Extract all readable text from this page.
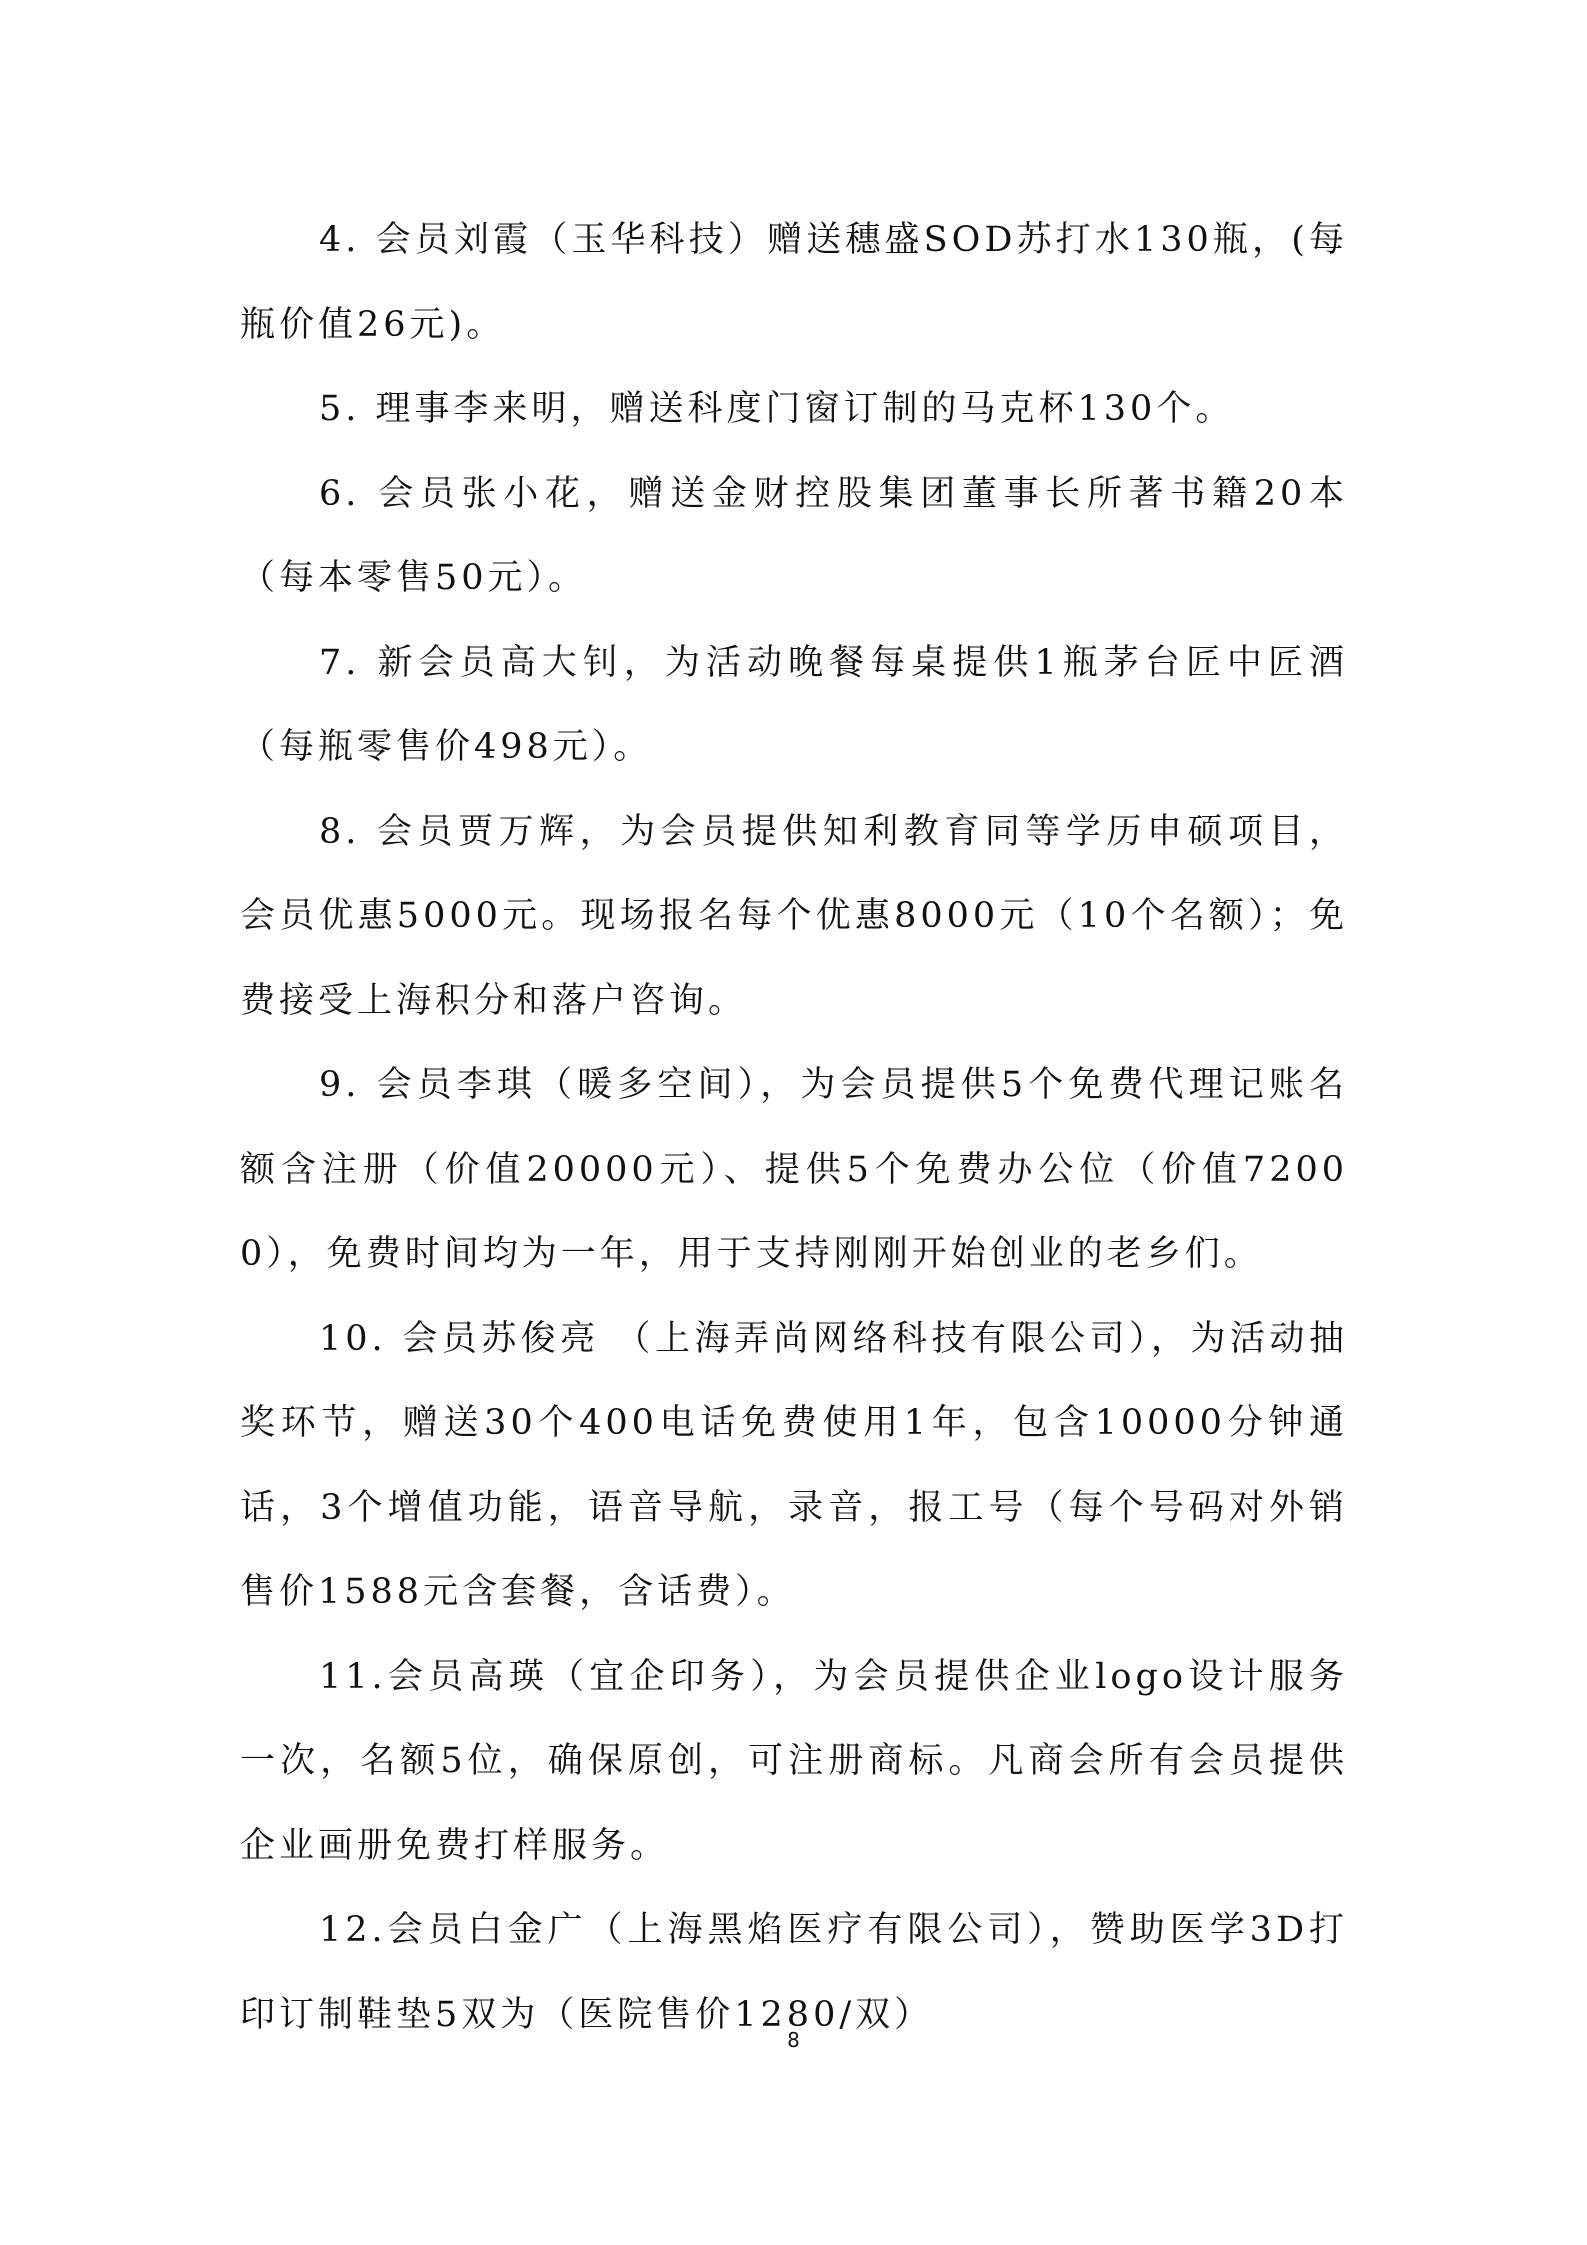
4. 会员刘霞（玉华科技）赠送穗盛SOD苏打水130瓶，(每瓶价值26元)。

5. 理事李来明，赠送科度门窗订制的马克杯130个。

6. 会员张小花，赠送金财控股集团董事长所著书籍20本（每本零售50元）。

7. 新会员高大钊，为活动晚餐每桌提供1瓶茅台匠中匠酒（每瓶零售价498元）。

8. 会员贾万辉，为会员提供知利教育同等学历申硕项目，会员优惠5000元。现场报名每个优惠8000元（10个名额）；免费接受上海积分和落户咨询。

9. 会员李琪（暖多空间），为会员提供5个免费代理记账名额含注册（价值20000元）、提供5个免费办公位（价值72000），免费时间均为一年，用于支持刚刚开始创业的老乡们。

10. 会员苏俊亮 （上海弄尚网络科技有限公司），为活动抽奖环节，赠送30个400电话免费使用1年，包含10000分钟通话，3个增值功能，语音导航，录音，报工号（每个号码对外销售价1588元含套餐，含话费）。

11.会员高瑛（宜企印务），为会员提供企业logo设计服务一次，名额5位，确保原创，可注册商标。凡商会所有会员提供企业画册免费打样服务。

12.会员白金广（上海黑焰医疗有限公司），赞助医学3D打印订制鞋垫5双为（医院售价1280/双）

8
